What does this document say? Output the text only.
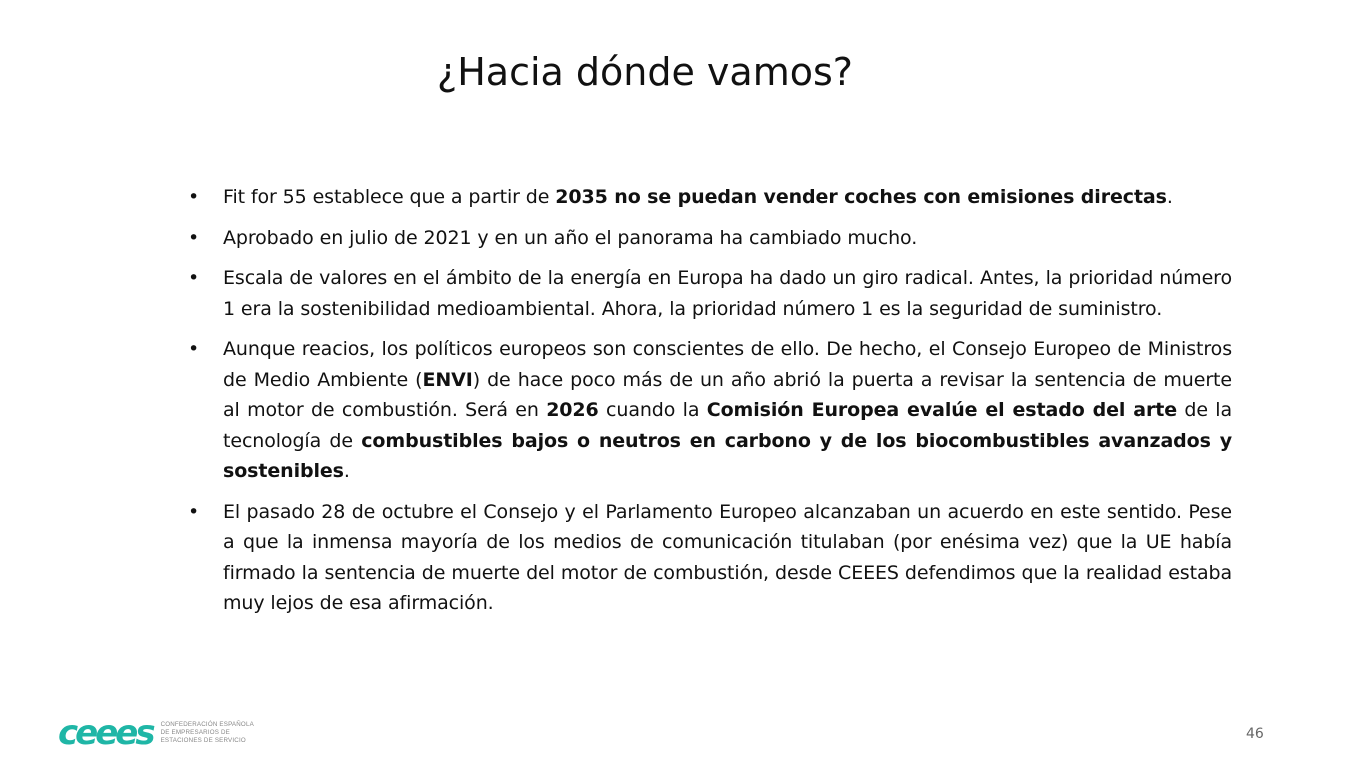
¿Hacia dónde vamos?
•	Fit for 55 establece que a partir de 2035 no se puedan vender coches con emisiones directas.
•	Aprobado en julio de 2021 y en un año el panorama ha cambiado mucho.
•	Escala de valores en el ámbito de la energía en Europa ha dado un giro radical. Antes, la prioridad número 1 era la sostenibilidad medioambiental. Ahora, la prioridad número 1 es la seguridad de suministro.
•	Aunque reacios, los políticos europeos son conscientes de ello. De hecho, el Consejo Europeo de Ministros de Medio Ambiente (ENVI) de hace poco más de un año abrió la puerta a revisar la sentencia de muerte al motor de combustión. Será en 2026 cuando la Comisión Europea evalúe el estado del arte de la tecnología de combustibles bajos o neutros en carbono y de los biocombustibles avanzados y sostenibles.
•	El pasado 28 de octubre el Consejo y el Parlamento Europeo alcanzaban un acuerdo en este sentido. Pese a que la inmensa mayoría de los medios de comunicación titulaban (por enésima vez) que la UE había firmado la sentencia de muerte del motor de combustión, desde CEEES defendimos que la realidad estaba muy lejos de esa afirmación.
ceees CONFEDERACIÓN ESPAÑOLA
DE EMPRESARIOS DE
ESTACIONES DE SERVICIO	46
